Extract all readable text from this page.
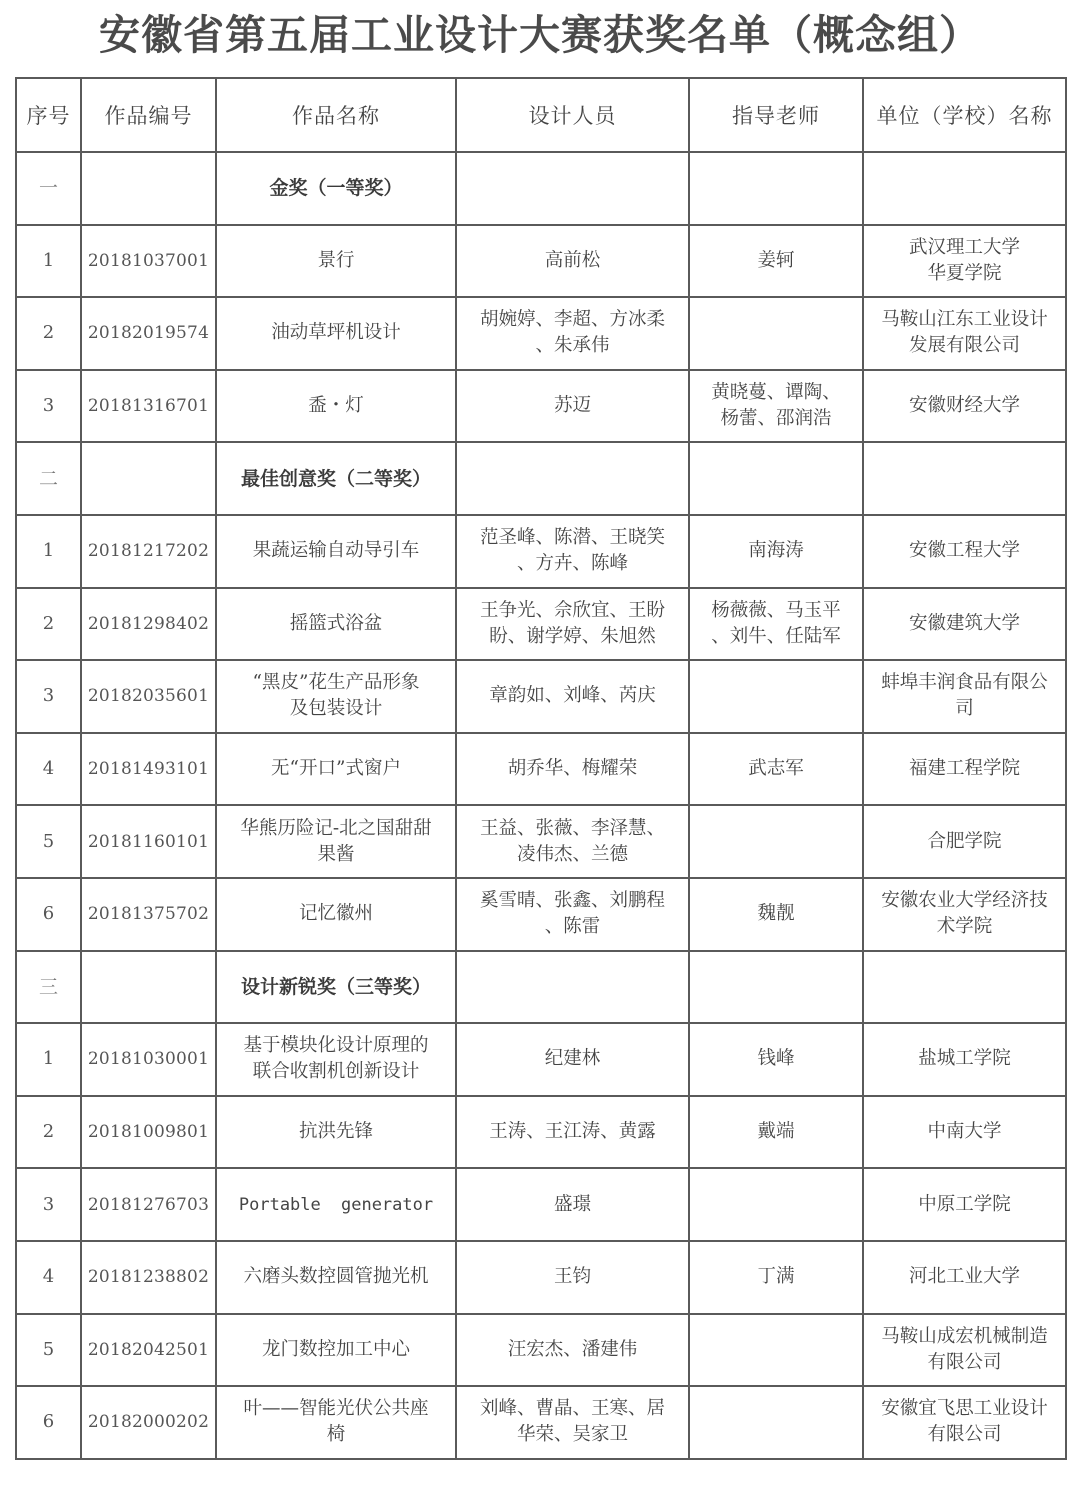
安徽省第五届工业设计大赛获奖名单（概念组）
序号	作品编号	作品名称	设计人员	指导老师	单位（学校）名称
一		金奖（一等奖）			
1	20181037001	景行	高前松	姜轲	武汉理工大学
华夏学院

2	20182019574	油动草坪机设计	胡婉婷、李超、方冰柔
、朱承伟		马鞍山江东工业设计
发展有限公司

3	20181316701	盉・灯	苏迈	黄晓蔓、谭陶、
杨蕾、邵润浩	安徽财经大学

二		最佳创意奖（二等奖）			
1	20181217202	果蔬运输自动导引车	范圣峰、陈潜、王晓笑
、方卉、陈峰	南海涛	安徽工程大学

2	20181298402	摇篮式浴盆	王争光、佘欣宜、王盼
盼、谢学婷、朱旭然	杨薇薇、马玉平
、刘牛、任陆军	安徽建筑大学

3	20182035601	“黑皮”花生产品形象
及包装设计	章韵如、刘峰、芮庆		蚌埠丰润食品有限公
司

4	20181493101	无“开口”式窗户	胡乔华、梅耀荣	武志军	福建工程学院

5	20181160101	华熊历险记-北之国甜甜
果酱	王益、张薇、李泽慧、
凌伟杰、兰德		合肥学院

6	20181375702	记忆徽州	奚雪晴、张鑫、刘鹏程
、陈雷	魏靓	安徽农业大学经济技
术学院

三		设计新锐奖（三等奖）			
1	20181030001	基于模块化设计原理的
联合收割机创新设计	纪建林	钱峰	盐城工学院

2	20181009801	抗洪先锋	王涛、王江涛、黄露	戴端	中南大学

3	20181276703	Portable generator	盛璟		中原工学院

4	20181238802	六磨头数控圆管抛光机	王钧	丁满	河北工业大学

5	20182042501	龙门数控加工中心	汪宏杰、潘建伟		马鞍山成宏机械制造
有限公司

6	20182000202	叶——智能光伏公共座
椅	刘峰、曹晶、王寒、居
华荣、吴家卫		安徽宜飞思工业设计
有限公司
